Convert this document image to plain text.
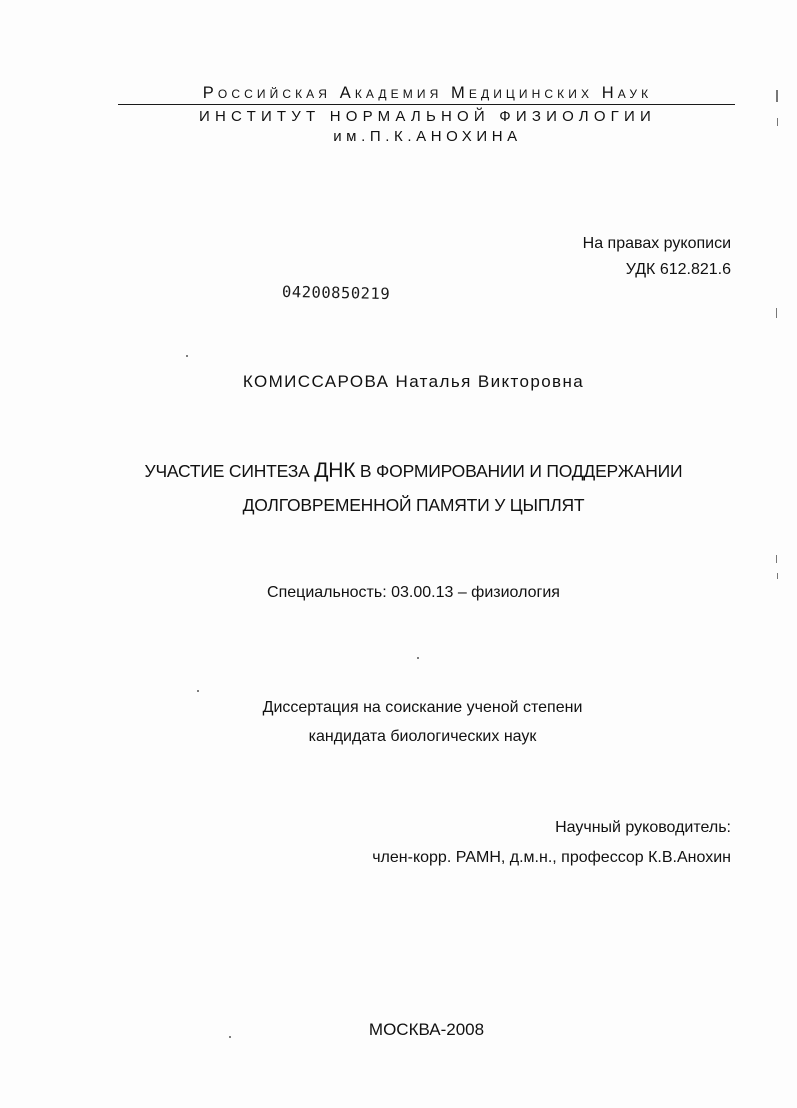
Российская Академия Медицинских Наук
ИНСТИТУТ НОРМАЛЬНОЙ ФИЗИОЛОГИИ
им.П.К.АНОХИНА
На правах рукописи
УДК 612.821.6
04200850219
КОМИССАРОВА Наталья Викторовна
УЧАСТИЕ СИНТЕЗА ДНК В ФОРМИРОВАНИИ И ПОДДЕРЖАНИИ
ДОЛГОВРЕМЕННОЙ ПАМЯТИ У ЦЫПЛЯТ
Специальность: 03.00.13 – физиология
Диссертация на соискание ученой степени
кандидата биологических наук
Научный руководитель:
член-корр. РАМН, д.м.н., профессор К.В.Анохин
МОСКВА-2008
